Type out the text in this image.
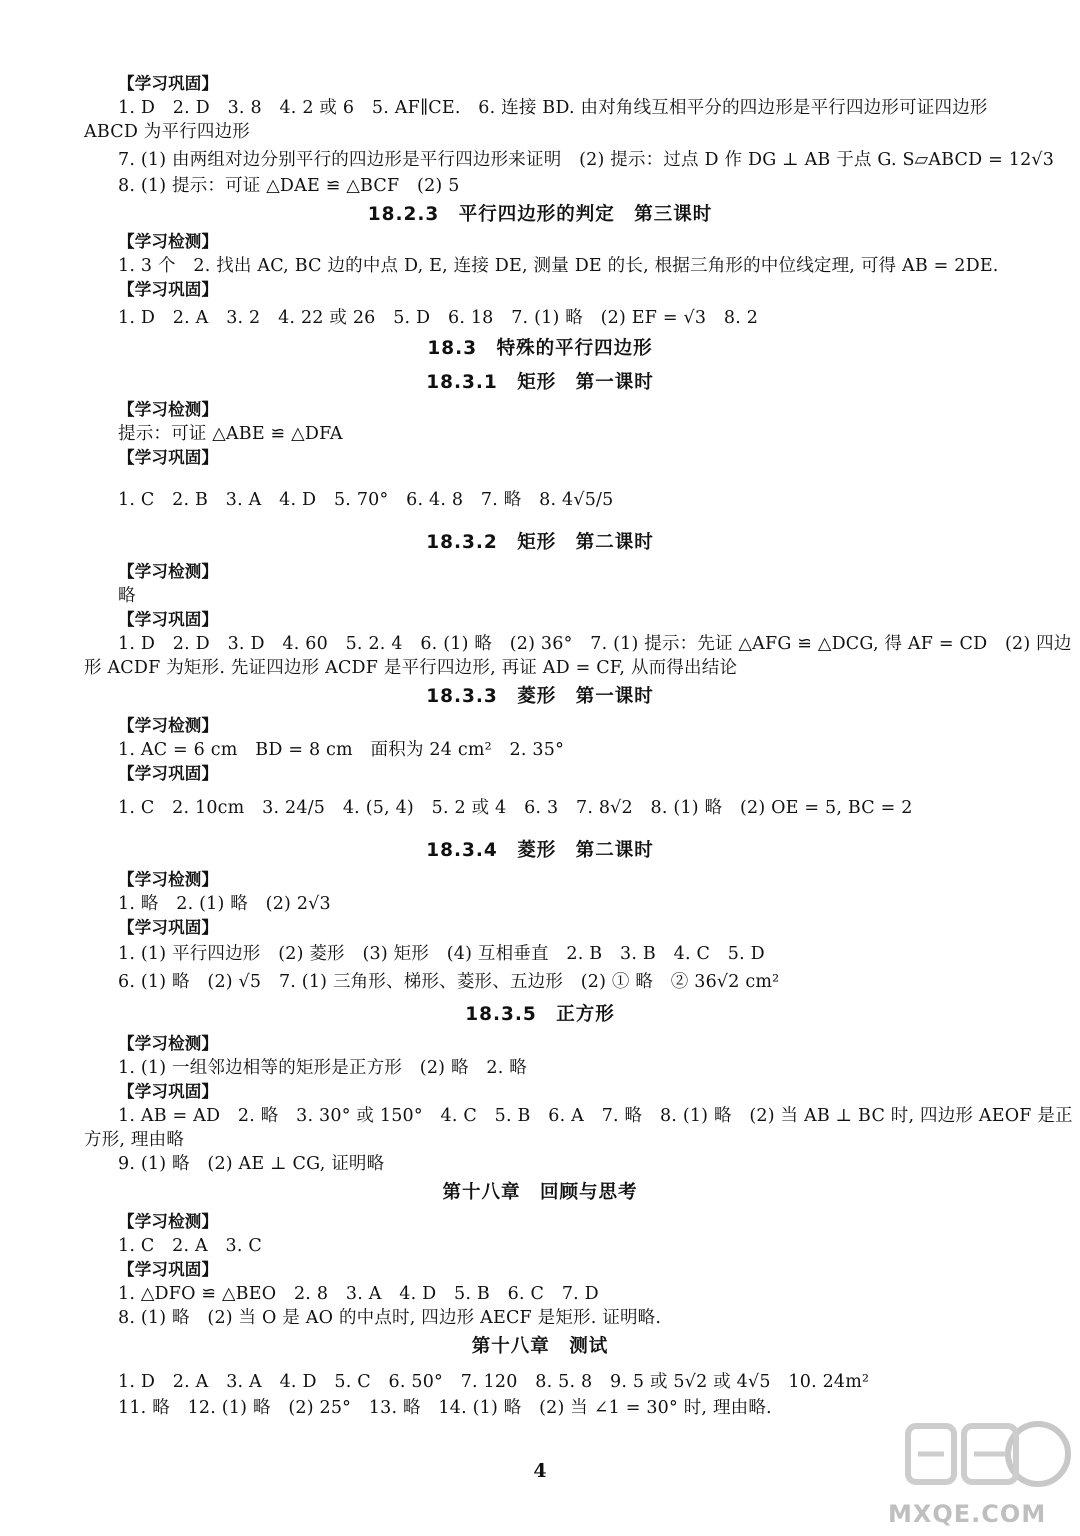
【学习巩固】
1. D　2. D　3. 8　4. 2 或 6　5. AF∥CE.　6. 连接 BD. 由对角线互相平分的四边形是平行四边形可证四边形
ABCD 为平行四边形
7. (1) 由两组对边分别平行的四边形是平行四边形来证明　(2) 提示：过点 D 作 DG ⊥ AB 于点 G. S▱ABCD = 12√3
8. (1) 提示：可证 △DAE ≌ △BCF　(2) 5
18.2.3　平行四边形的判定　第三课时
【学习检测】
1. 3 个　2. 找出 AC, BC 边的中点 D, E, 连接 DE, 测量 DE 的长, 根据三角形的中位线定理, 可得 AB = 2DE.
【学习巩固】
1. D　2. A　3. 2　4. 22 或 26　5. D　6. 18　7. (1) 略　(2) EF = √3　8. 2
18.3　特殊的平行四边形
18.3.1　矩形　第一课时
【学习检测】
提示：可证 △ABE ≌ △DFA
【学习巩固】
1. C　2. B　3. A　4. D　5. 70°　6. 4. 8　7. 略　8. 4√5/5
18.3.2　矩形　第二课时
【学习检测】
略
【学习巩固】
1. D　2. D　3. D　4. 60　5. 2. 4　6. (1) 略　(2) 36°　7. (1) 提示：先证 △AFG ≌ △DCG, 得 AF = CD　(2) 四边
形 ACDF 为矩形. 先证四边形 ACDF 是平行四边形, 再证 AD = CF, 从而得出结论
18.3.3　菱形　第一课时
【学习检测】
1. AC = 6 cm　BD = 8 cm　面积为 24 cm²　2. 35°
【学习巩固】
1. C　2. 10cm　3. 24/5　4. (5, 4)　5. 2 或 4　6. 3　7. 8√2　8. (1) 略　(2) OE = 5, BC = 2
18.3.4　菱形　第二课时
【学习检测】
1. 略　2. (1) 略　(2) 2√3
【学习巩固】
1. (1) 平行四边形　(2) 菱形　(3) 矩形　(4) 互相垂直　2. B　3. B　4. C　5. D
6. (1) 略　(2) √5　7. (1) 三角形、梯形、菱形、五边形　(2) ① 略　② 36√2 cm²
18.3.5　正方形
【学习检测】
1. (1) 一组邻边相等的矩形是正方形　(2) 略　2. 略
【学习巩固】
1. AB = AD　2. 略　3. 30° 或 150°　4. C　5. B　6. A　7. 略　8. (1) 略　(2) 当 AB ⊥ BC 时, 四边形 AEOF 是正
方形, 理由略
9. (1) 略　(2) AE ⊥ CG, 证明略
第十八章　回顾与思考
【学习检测】
1. C　2. A　3. C
【学习巩固】
1. △DFO ≌ △BEO　2. 8　3. A　4. D　5. B　6. C　7. D
8. (1) 略　(2) 当 O 是 AO 的中点时, 四边形 AECF 是矩形. 证明略.
第十八章　测试
1. D　2. A　3. A　4. D　5. C　6. 50°　7. 120　8. 5. 8　9. 5 或 5√2 或 4√5　10. 24m²
11. 略　12. (1) 略　(2) 25°　13. 略　14. (1) 略　(2) 当 ∠1 = 30° 时, 理由略.
4
MXQE.COM
